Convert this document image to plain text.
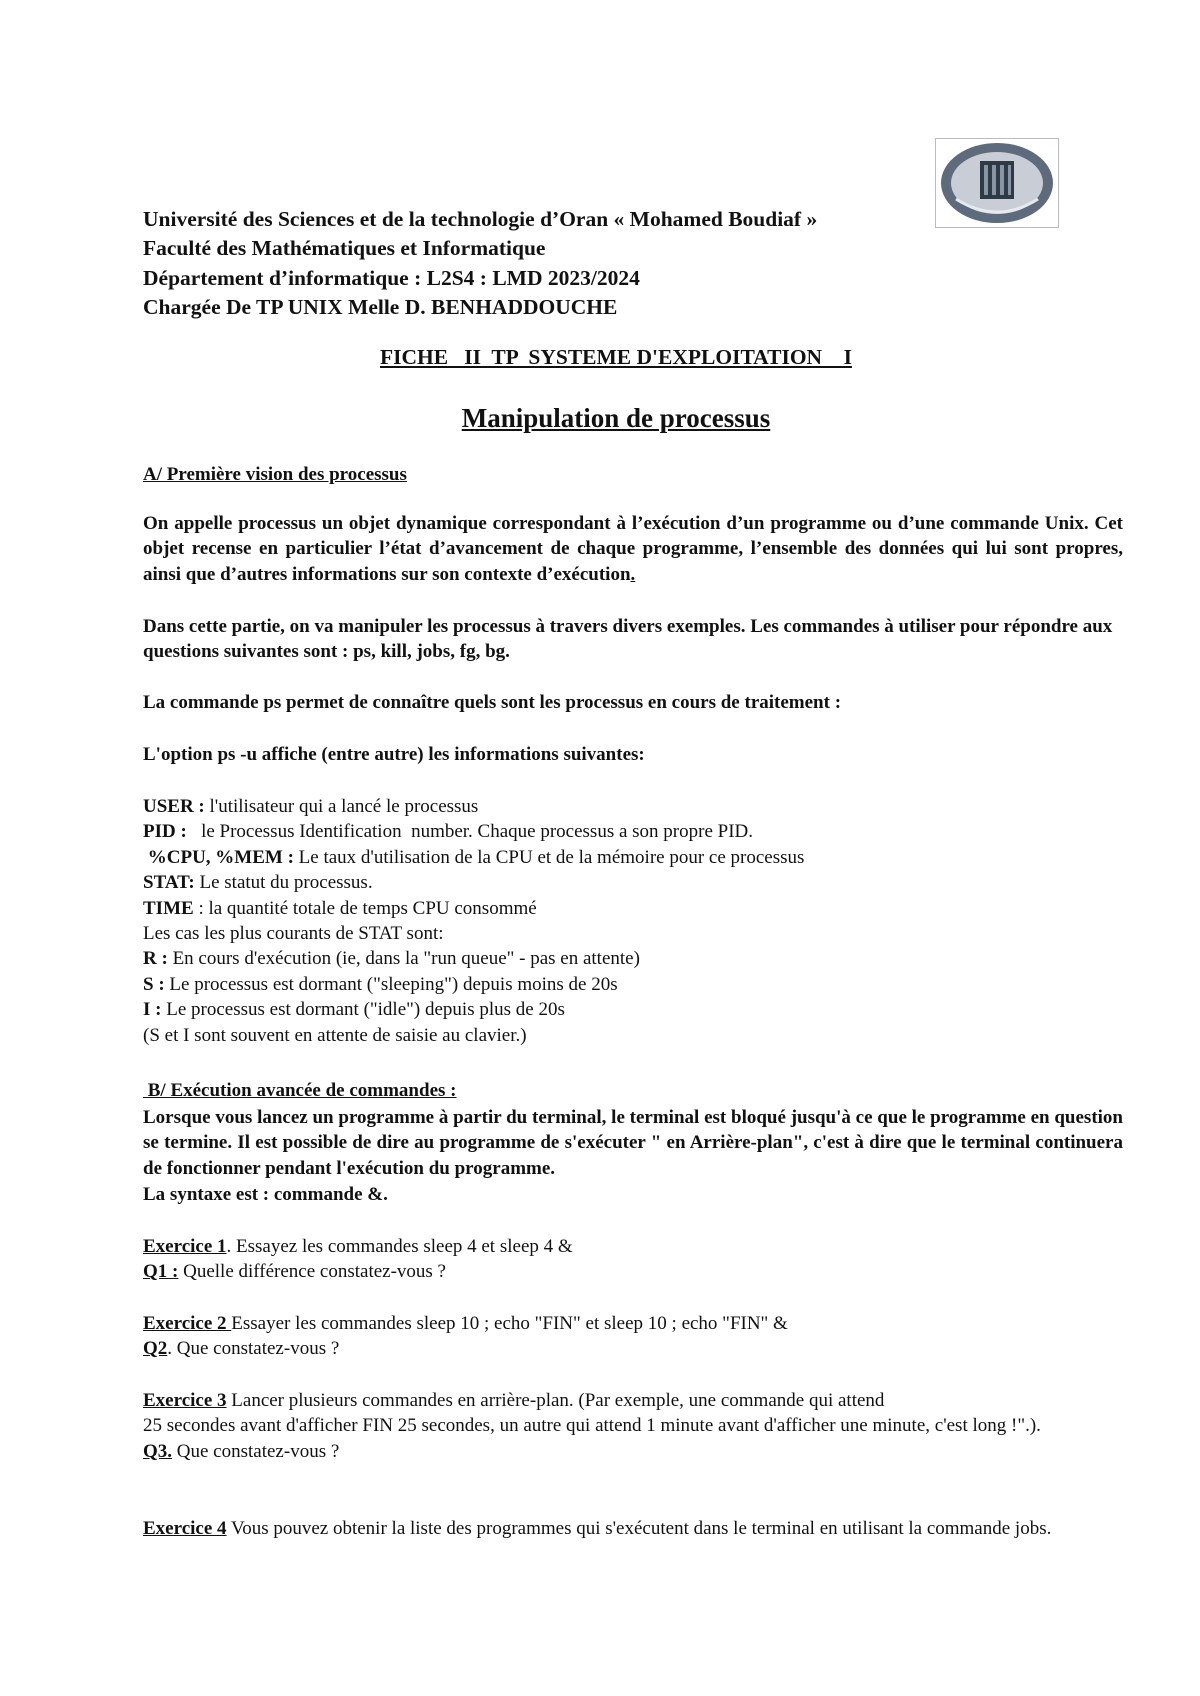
Université des Sciences et de la technologie d’Oran « Mohamed Boudiaf »
Faculté des Mathématiques et Informatique
Département d’informatique : L2S4 : LMD 2023/2024
Chargée De TP UNIX Melle D. BENHADDOUCHE
FICHE   II  TP  SYSTEME D'EXPLOITATION    I
Manipulation de processus
A/ Première vision des processus
On appelle processus un objet dynamique correspondant à l’exécution d’un programme ou d’une commande Unix. Cet objet recense en particulier l’état d’avancement de chaque programme, l’ensemble des données qui lui sont propres, ainsi que d’autres informations sur son contexte d’exécution.
Dans cette partie, on va manipuler les processus à travers divers exemples. Les commandes à utiliser pour répondre aux questions suivantes sont : ps, kill, jobs, fg, bg.
La commande ps permet de connaître quels sont les processus en cours de traitement :
L'option ps -u affiche (entre autre) les informations suivantes:
USER : l'utilisateur qui a lancé le processus
PID :   le Processus Identification  number. Chaque processus a son propre PID.
%CPU, %MEM : Le taux d'utilisation de la CPU et de la mémoire pour ce processus
STAT: Le statut du processus.
TIME : la quantité totale de temps CPU consommé
Les cas les plus courants de STAT sont:
R : En cours d'exécution (ie, dans la "run queue" - pas en attente)
S : Le processus est dormant ("sleeping") depuis moins de 20s
I : Le processus est dormant ("idle") depuis plus de 20s
(S et I sont souvent en attente de saisie au clavier.)
B/ Exécution avancée de commandes :
Lorsque vous lancez un programme à partir du terminal, le terminal est bloqué jusqu'à ce que le programme en question se termine. Il est possible de dire au programme de s'exécuter " en Arrière-plan", c'est à dire que le terminal continuera de fonctionner pendant l'exécution du programme.
La syntaxe est : commande &.
Exercice 1. Essayez les commandes sleep 4 et sleep 4 &
Q1 : Quelle différence constatez-vous ?
Exercice 2 Essayer les commandes sleep 10 ; echo "FIN" et sleep 10 ; echo "FIN" &
Q2. Que constatez-vous ?
Exercice 3 Lancer plusieurs commandes en arrière-plan. (Par exemple, une commande qui attend
25 secondes avant d'afficher FIN 25 secondes, un autre qui attend 1 minute avant d'afficher une minute, c'est long !".).
Q3. Que constatez-vous ?
Exercice 4 Vous pouvez obtenir la liste des programmes qui s'exécutent dans le terminal en utilisant la commande jobs.
